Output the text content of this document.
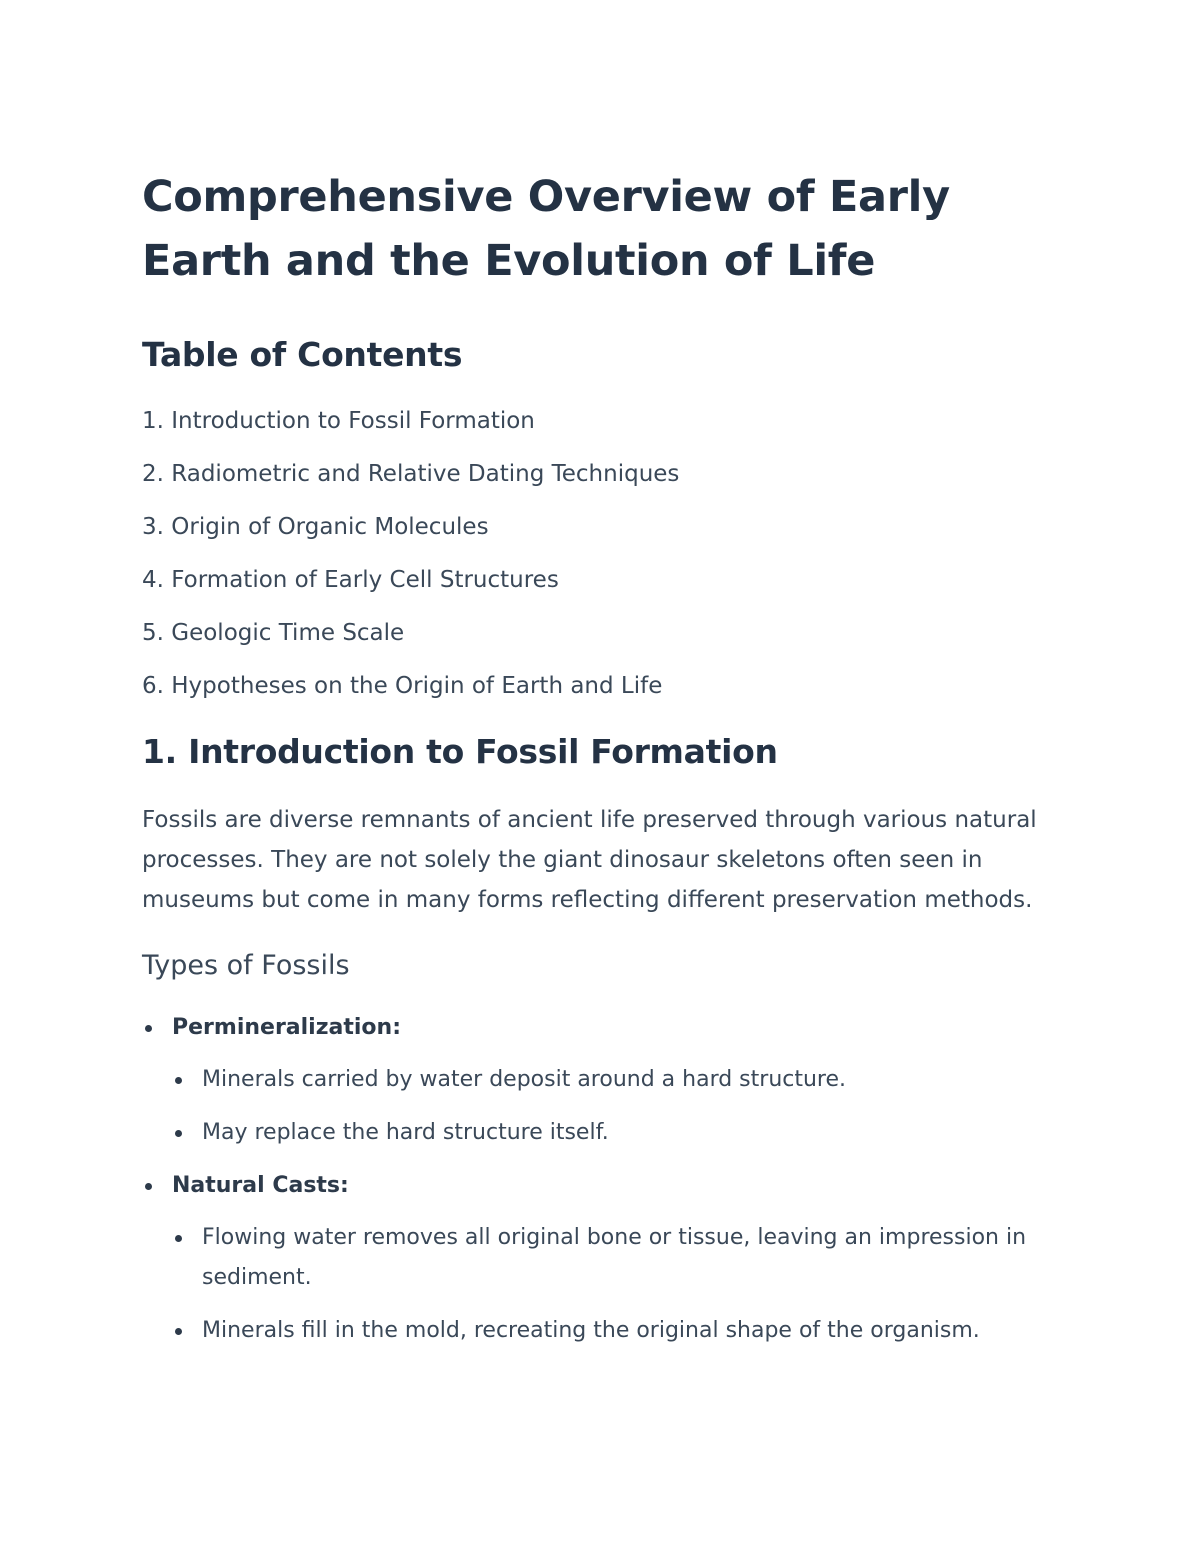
Comprehensive Overview of Early Earth and the Evolution of Life
Table of Contents
1. Introduction to Fossil Formation
2. Radiometric and Relative Dating Techniques
3. Origin of Organic Molecules
4. Formation of Early Cell Structures
5. Geologic Time Scale
6. Hypotheses on the Origin of Earth and Life
1. Introduction to Fossil Formation

Fossils are diverse remnants of ancient life preserved through various natural processes. They are not solely the giant dinosaur skeletons often seen in museums but come in many forms reflecting different preservation methods.

Types of Fossils
Permineralization:
Minerals carried by water deposit around a hard structure.
May replace the hard structure itself.
Natural Casts:
Flowing water removes all original bone or tissue, leaving an impression in sediment.
Minerals fill in the mold, recreating the original shape of the organism.
